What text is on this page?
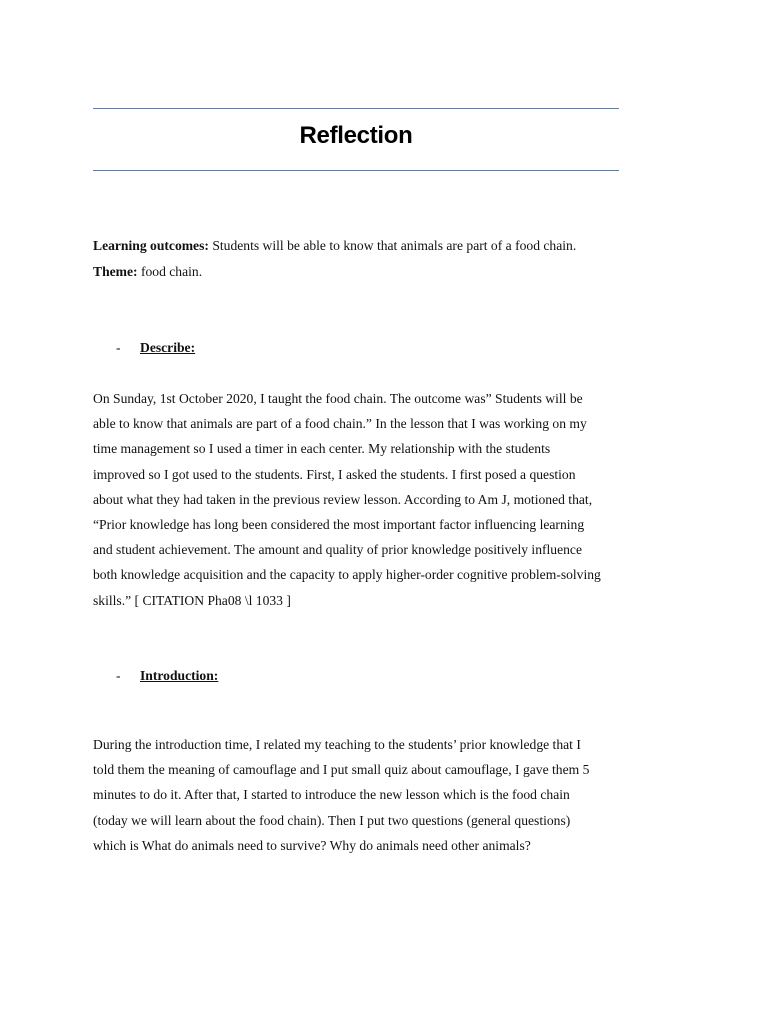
Reflection
Learning outcomes: Students will be able to know that animals are part of a food chain.
Theme: food chain.
- Describe:
On Sunday, 1st October 2020, I taught the food chain. The outcome was” Students will be
able to know that animals are part of a food chain.” In the lesson that I was working on my
time management so I used a timer in each center. My relationship with the students
improved so I got used to the students. First, I asked the students. I first posed a question
about what they had taken in the previous review lesson. According to Am J, motioned that,
“Prior knowledge has long been considered the most important factor influencing learning
and student achievement. The amount and quality of prior knowledge positively influence
both knowledge acquisition and the capacity to apply higher-order cognitive problem-solving
skills.” [ CITATION Pha08 \l 1033 ]
- Introduction:
During the introduction time, I related my teaching to the students’ prior knowledge that I
told them the meaning of camouflage and I put small quiz about camouflage, I gave them 5
minutes to do it. After that, I started to introduce the new lesson which is the food chain
(today we will learn about the food chain). Then I put two questions (general questions)
which is What do animals need to survive? Why do animals need other animals?
